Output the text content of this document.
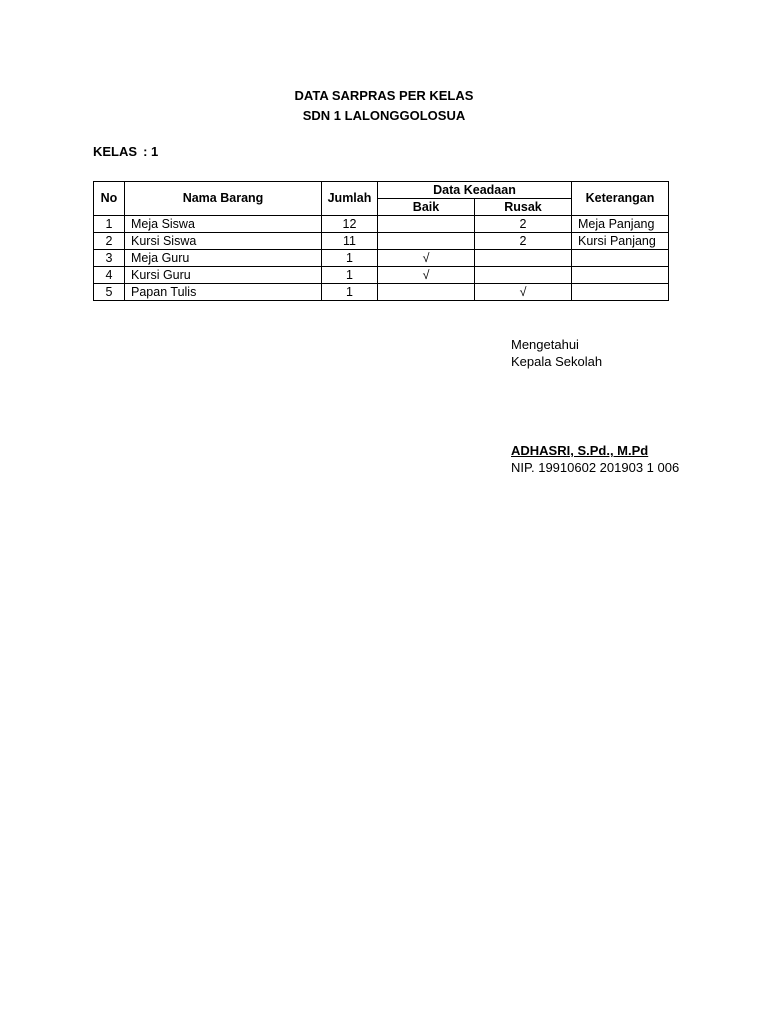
DATA SARPRAS PER KELAS
SDN 1 LALONGGOLOSUA
KELAS : 1
No	Nama Barang	Jumlah	Data Keadaan		Keterangan
			Baik	Rusak	
1	Meja Siswa	12		2	Meja Panjang
2	Kursi Siswa	11		2	Kursi Panjang
3	Meja Guru	1	√		
4	Kursi Guru	1	√		
5	Papan Tulis	1		√	
Mengetahui
Kepala Sekolah
ADHASRI, S.Pd., M.Pd
NIP. 19910602 201903 1 006
